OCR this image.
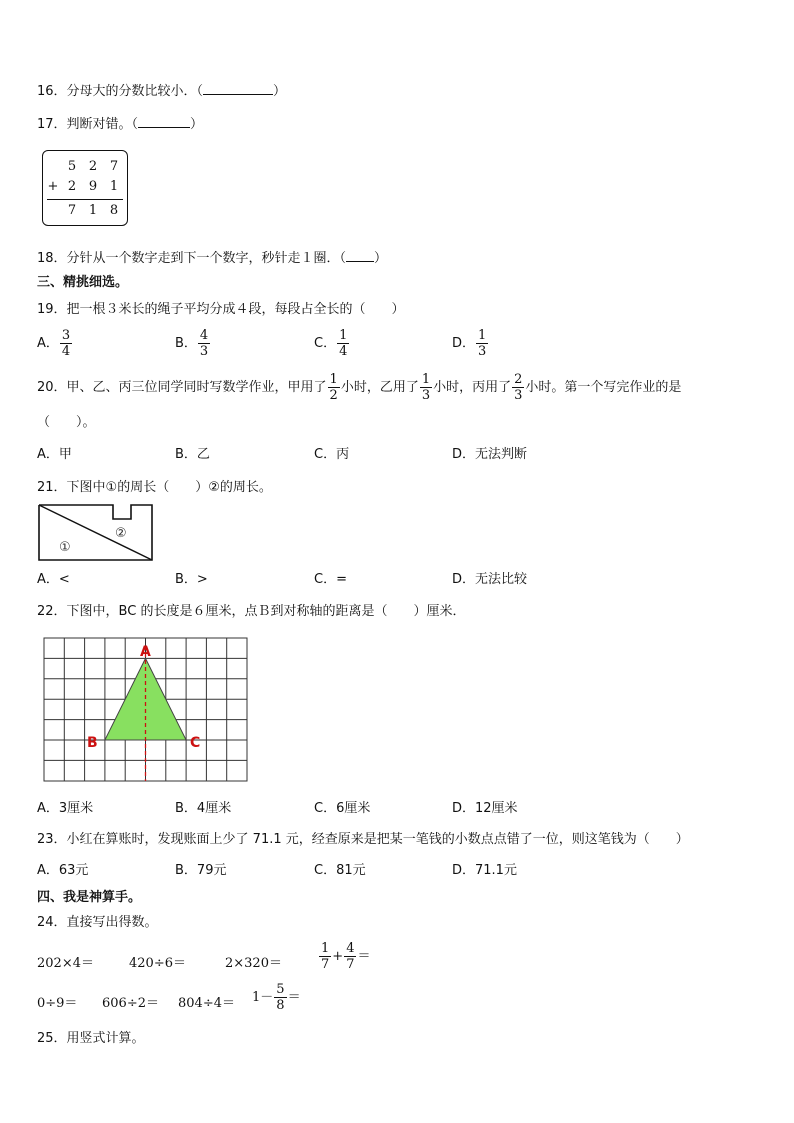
16．分母大的分数比较小．（	）
17．判断对错。（	）
5 2 7
+ 2 9 1
7 1 8
18．分针从一个数字走到下一个数字，秒针走１圈．（ ）
三、精挑细选。
19．把一根３米长的绳子平均分成４段，每段占全长的（　　）
A． $\frac{3}{4}$	B． $\frac{4}{3}$	C． $\frac{1}{4}$	D． $\frac{1}{3}$
20．甲、乙、丙三位同学同时写数学作业，甲用了 $\frac{1}{2}$ 小时，乙用了 $\frac{1}{3}$ 小时，丙用了 $\frac{2}{3}$ 小时。第一个写完作业的是
（　　）。
A．甲	B．乙	C．丙	D．无法判断
21．下图中①的周长（　　）②的周长。
①
②
A．<	B．>	C．=	D．无法比较
22．下图中，BC 的长度是６厘米，点Ｂ到对称轴的距离是（　　）厘米．
A
B	C
A．3厘米	B．4厘米	C．6厘米	D．12厘米
23．小红在算账时，发现账面上少了 71.1 元，经查原来是把某一笔钱的小数点点错了一位，则这笔钱为（　　）
A．63元	B．79元	C．81元	D．71.1元
四、我是神算手。
24．直接写出得数。
202×4＝	420÷6＝	2×320＝	$\frac{1}{7} + \frac{4}{7}$ ＝
$0\div 9= 606\div 2= 804\div 4= 1- \frac{5}{8}$ ＝
25．用竖式计算。
